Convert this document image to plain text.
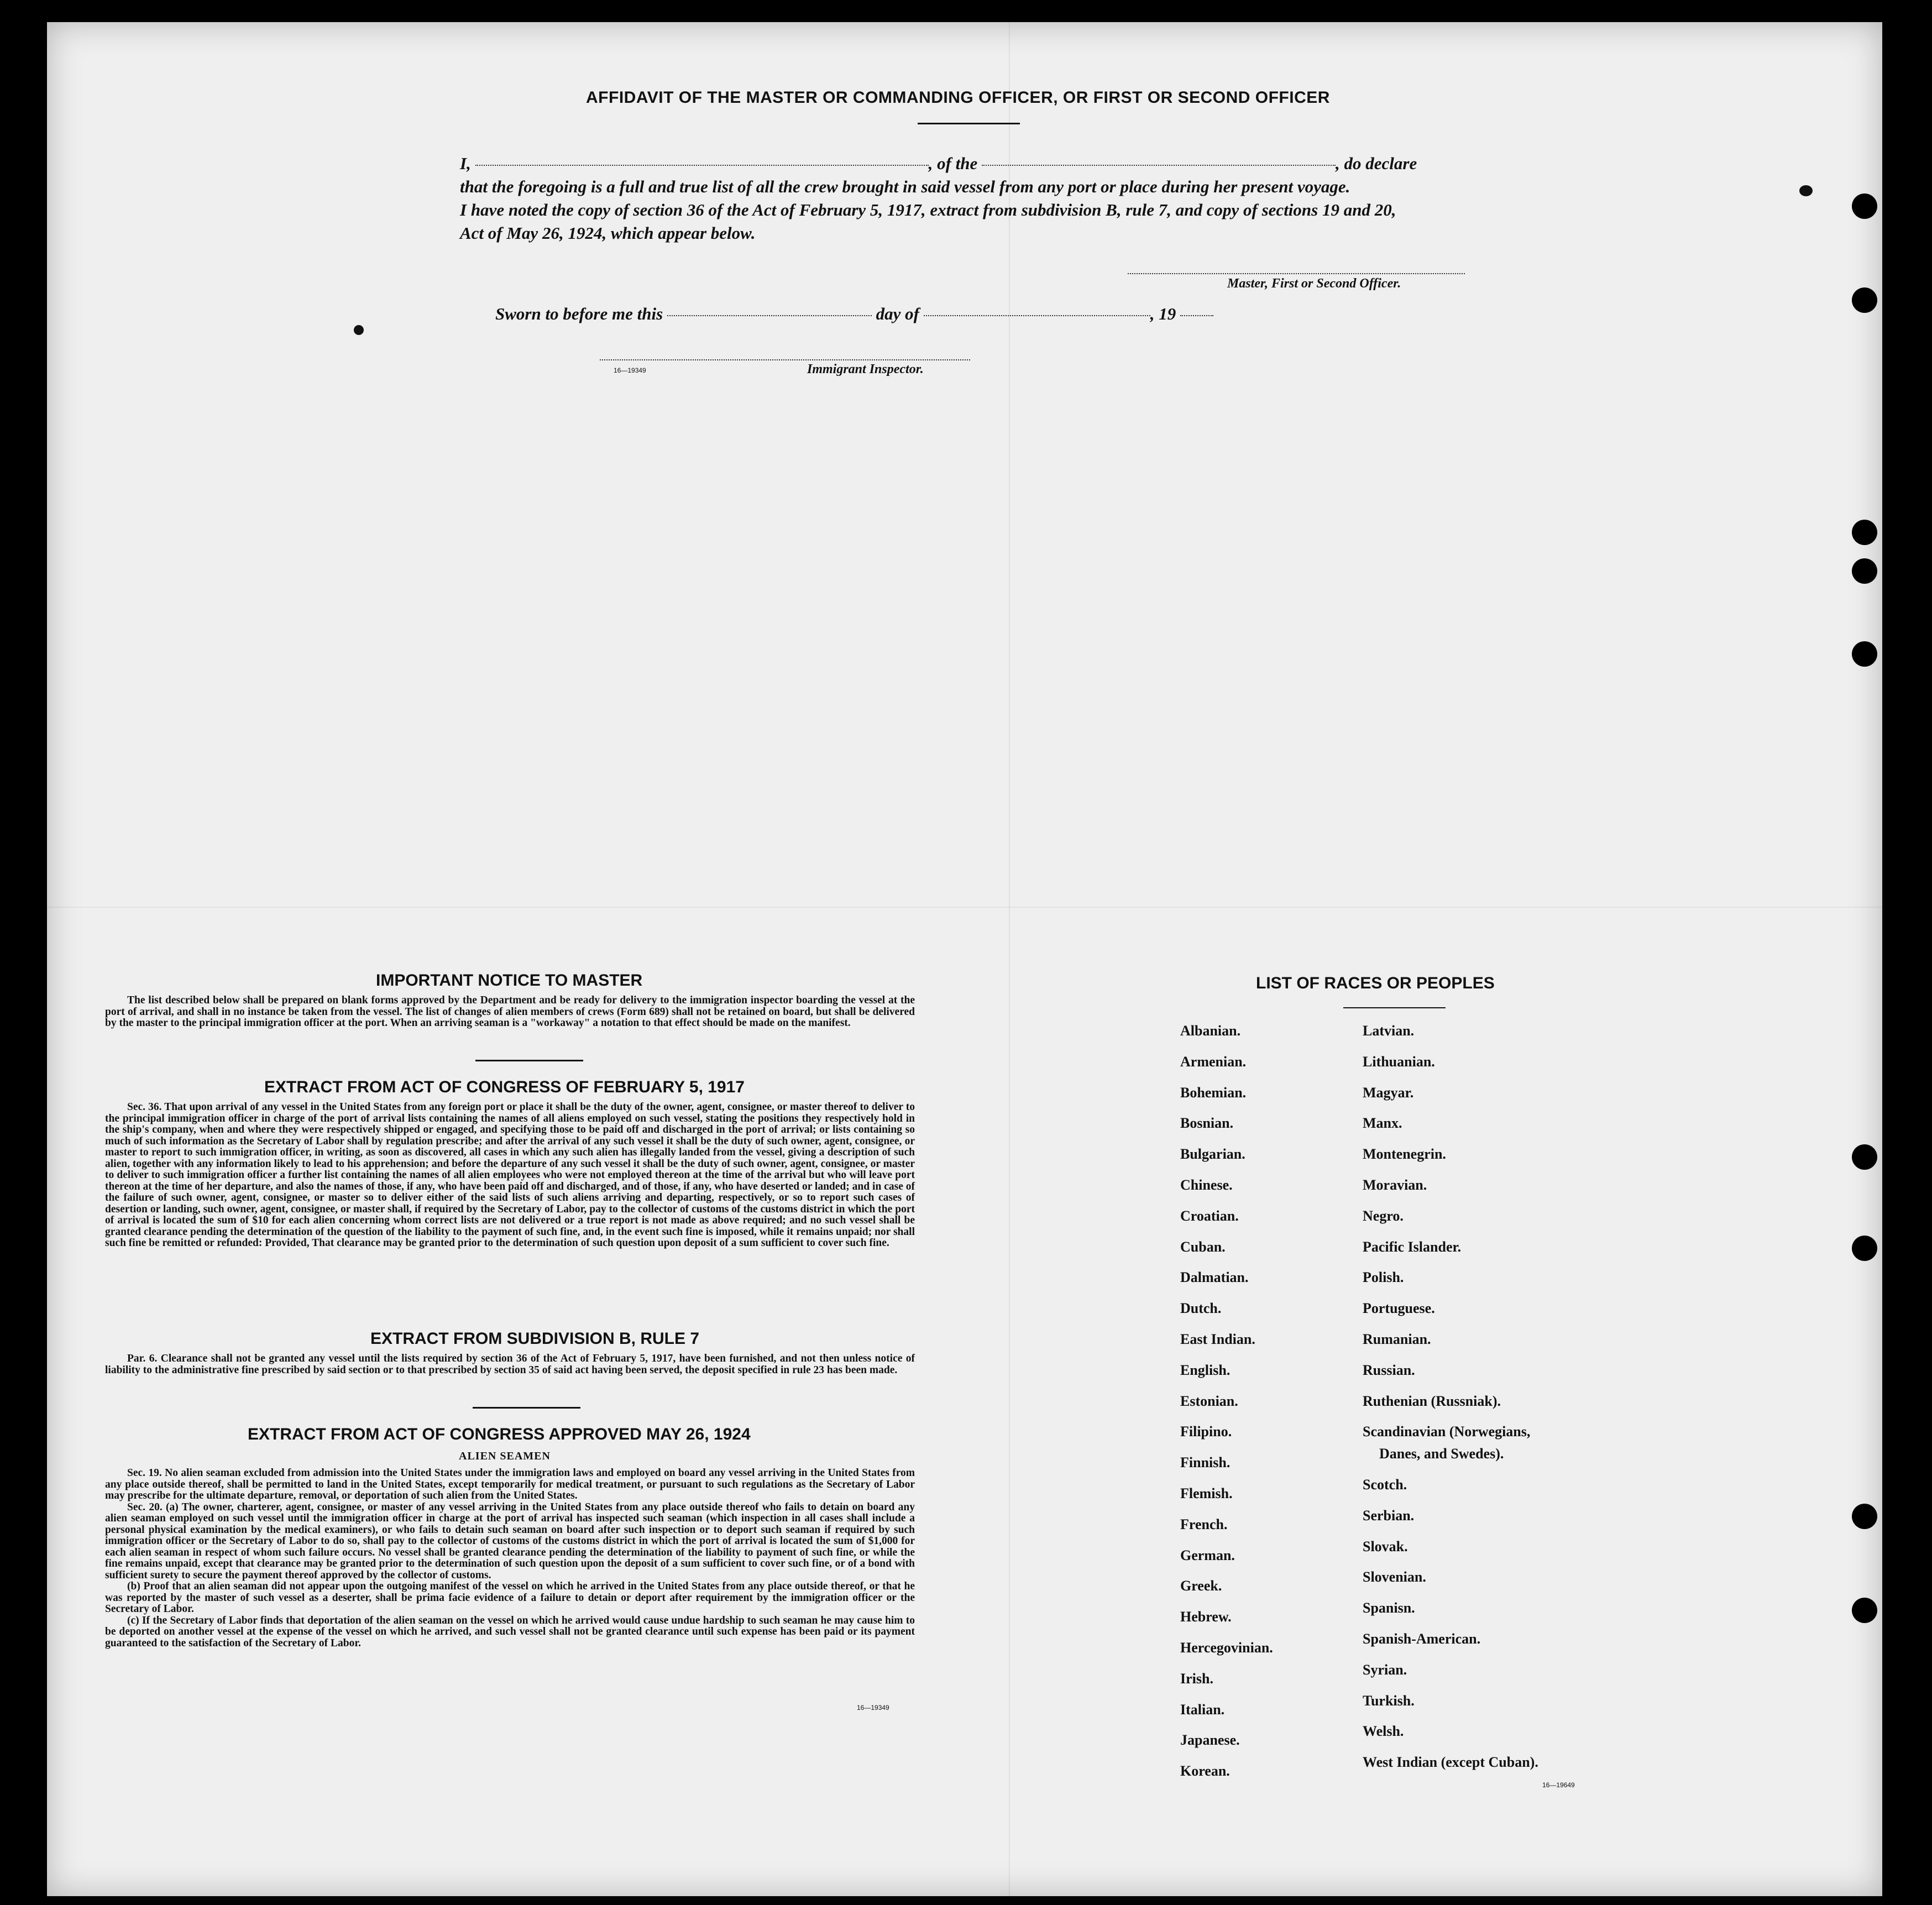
AFFIDAVIT OF THE MASTER OR COMMANDING OFFICER, OR FIRST OR SECOND OFFICER
I,	, of the	, do declare
that the foregoing is a full and true list of all the crew brought in said vessel from any port or place during her present voyage.
I have noted the copy of section 36 of the Act of February 5, 1917, extract from subdivision B, rule 7, and copy of sections 19 and 20,
Act of May 26, 1924, which appear below.
Master, First or Second Officer.
Sworn to before me this	day of	, 19
16—19349	Immigrant Inspector.
IMPORTANT NOTICE TO MASTER

The list described below shall be prepared on blank forms approved by the Department and be ready for delivery to the immigration inspector boarding the vessel at the port of arrival, and shall in no instance be taken from the vessel. The list of changes of alien members of crews (Form 689) shall not be retained on board, but shall be delivered by the master to the principal immigration officer at the port. When an arriving seaman is a "workaway" a notation to that effect should be made on the manifest.

EXTRACT FROM ACT OF CONGRESS OF FEBRUARY 5, 1917

Sec. 36. That upon arrival of any vessel in the United States from any foreign port or place it shall be the duty of the owner, agent, consignee, or master thereof to deliver to the principal immigration officer in charge of the port of arrival lists containing the names of all aliens employed on such vessel, stating the positions they respectively hold in the ship's company, when and where they were respectively shipped or engaged, and specifying those to be paid off and discharged in the port of arrival; or lists containing so much of such information as the Secretary of Labor shall by regulation prescribe; and after the arrival of any such vessel it shall be the duty of such owner, agent, consignee, or master to report to such immigration officer, in writing, as soon as discovered, all cases in which any such alien has illegally landed from the vessel, giving a description of such alien, together with any information likely to lead to his apprehension; and before the departure of any such vessel it shall be the duty of such owner, agent, consignee, or master to deliver to such immigration officer a further list containing the names of all alien employees who were not employed thereon at the time of the arrival but who will leave port thereon at the time of her departure, and also the names of those, if any, who have been paid off and discharged, and of those, if any, who have deserted or landed; and in case of the failure of such owner, agent, consignee, or master so to deliver either of the said lists of such aliens arriving and departing, respectively, or so to report such cases of desertion or landing, such owner, agent, consignee, or master shall, if required by the Secretary of Labor, pay to the collector of customs of the customs district in which the port of arrival is located the sum of $10 for each alien concerning whom correct lists are not delivered or a true report is not made as above required; and no such vessel shall be granted clearance pending the determination of the question of the liability to the payment of such fine, and, in the event such fine is imposed, while it remains unpaid; nor shall such fine be remitted or refunded: Provided, That clearance may be granted prior to the determination of such question upon deposit of a sum sufficient to cover such fine.

EXTRACT FROM SUBDIVISION B, RULE 7

Par. 6. Clearance shall not be granted any vessel until the lists required by section 36 of the Act of February 5, 1917, have been furnished, and not then unless notice of liability to the administrative fine prescribed by said section or to that prescribed by section 35 of said act having been served, the deposit specified in rule 23 has been made.

EXTRACT FROM ACT OF CONGRESS APPROVED MAY 26, 1924
ALIEN SEAMEN

Sec. 19. No alien seaman excluded from admission into the United States under the immigration laws and employed on board any vessel arriving in the United States from any place outside thereof, shall be permitted to land in the United States, except temporarily for medical treatment, or pursuant to such regulations as the Secretary of Labor may prescribe for the ultimate departure, removal, or deportation of such alien from the United States.

Sec. 20. (a) The owner, charterer, agent, consignee, or master of any vessel arriving in the United States from any place outside thereof who fails to detain on board any alien seaman employed on such vessel until the immigration officer in charge at the port of arrival has inspected such seaman (which inspection in all cases shall include a personal physical examination by the medical examiners), or who fails to detain such seaman on board after such inspection or to deport such seaman if required by such immigration officer or the Secretary of Labor to do so, shall pay to the collector of customs of the customs district in which the port of arrival is located the sum of $1,000 for each alien seaman in respect of whom such failure occurs. No vessel shall be granted clearance pending the determination of the liability to payment of such fine, or while the fine remains unpaid, except that clearance may be granted prior to the determination of such question upon the deposit of a sum sufficient to cover such fine, or of a bond with sufficient surety to secure the payment thereof approved by the collector of customs.

(b) Proof that an alien seaman did not appear upon the outgoing manifest of the vessel on which he arrived in the United States from any place outside thereof, or that he was reported by the master of such vessel as a deserter, shall be prima facie evidence of a failure to detain or deport after requirement by the immigration officer or the Secretary of Labor.

(c) If the Secretary of Labor finds that deportation of the alien seaman on the vessel on which he arrived would cause undue hardship to such seaman he may cause him to be deported on another vessel at the expense of the vessel on which he arrived, and such vessel shall not be granted clearance until such expense has been paid or its payment guaranteed to the satisfaction of the Secretary of Labor.

16—19349
LIST OF RACES OR PEOPLES
Albanian.
Armenian.
Bohemian.
Bosnian.
Bulgarian.
Chinese.
Croatian.
Cuban.
Dalmatian.
Dutch.
East Indian.
English.
Estonian.
Filipino.
Finnish.
Flemish.
French.
German.
Greek.
Hebrew.
Hercegovinian.
Irish.
Italian.
Japanese.
Korean.
Latvian.
Lithuanian.
Magyar.
Manx.
Montenegrin.
Moravian.
Negro.
Pacific Islander.
Polish.
Portuguese.
Rumanian.
Russian.
Ruthenian (Russniak).
Scandinavian (Norwegians,
Danes, and Swedes).
Scotch.
Serbian.
Slovak.
Slovenian.
Spanisn.
Spanish-American.
Syrian.
Turkish.
Welsh.
West Indian (except Cuban).
16—19649
